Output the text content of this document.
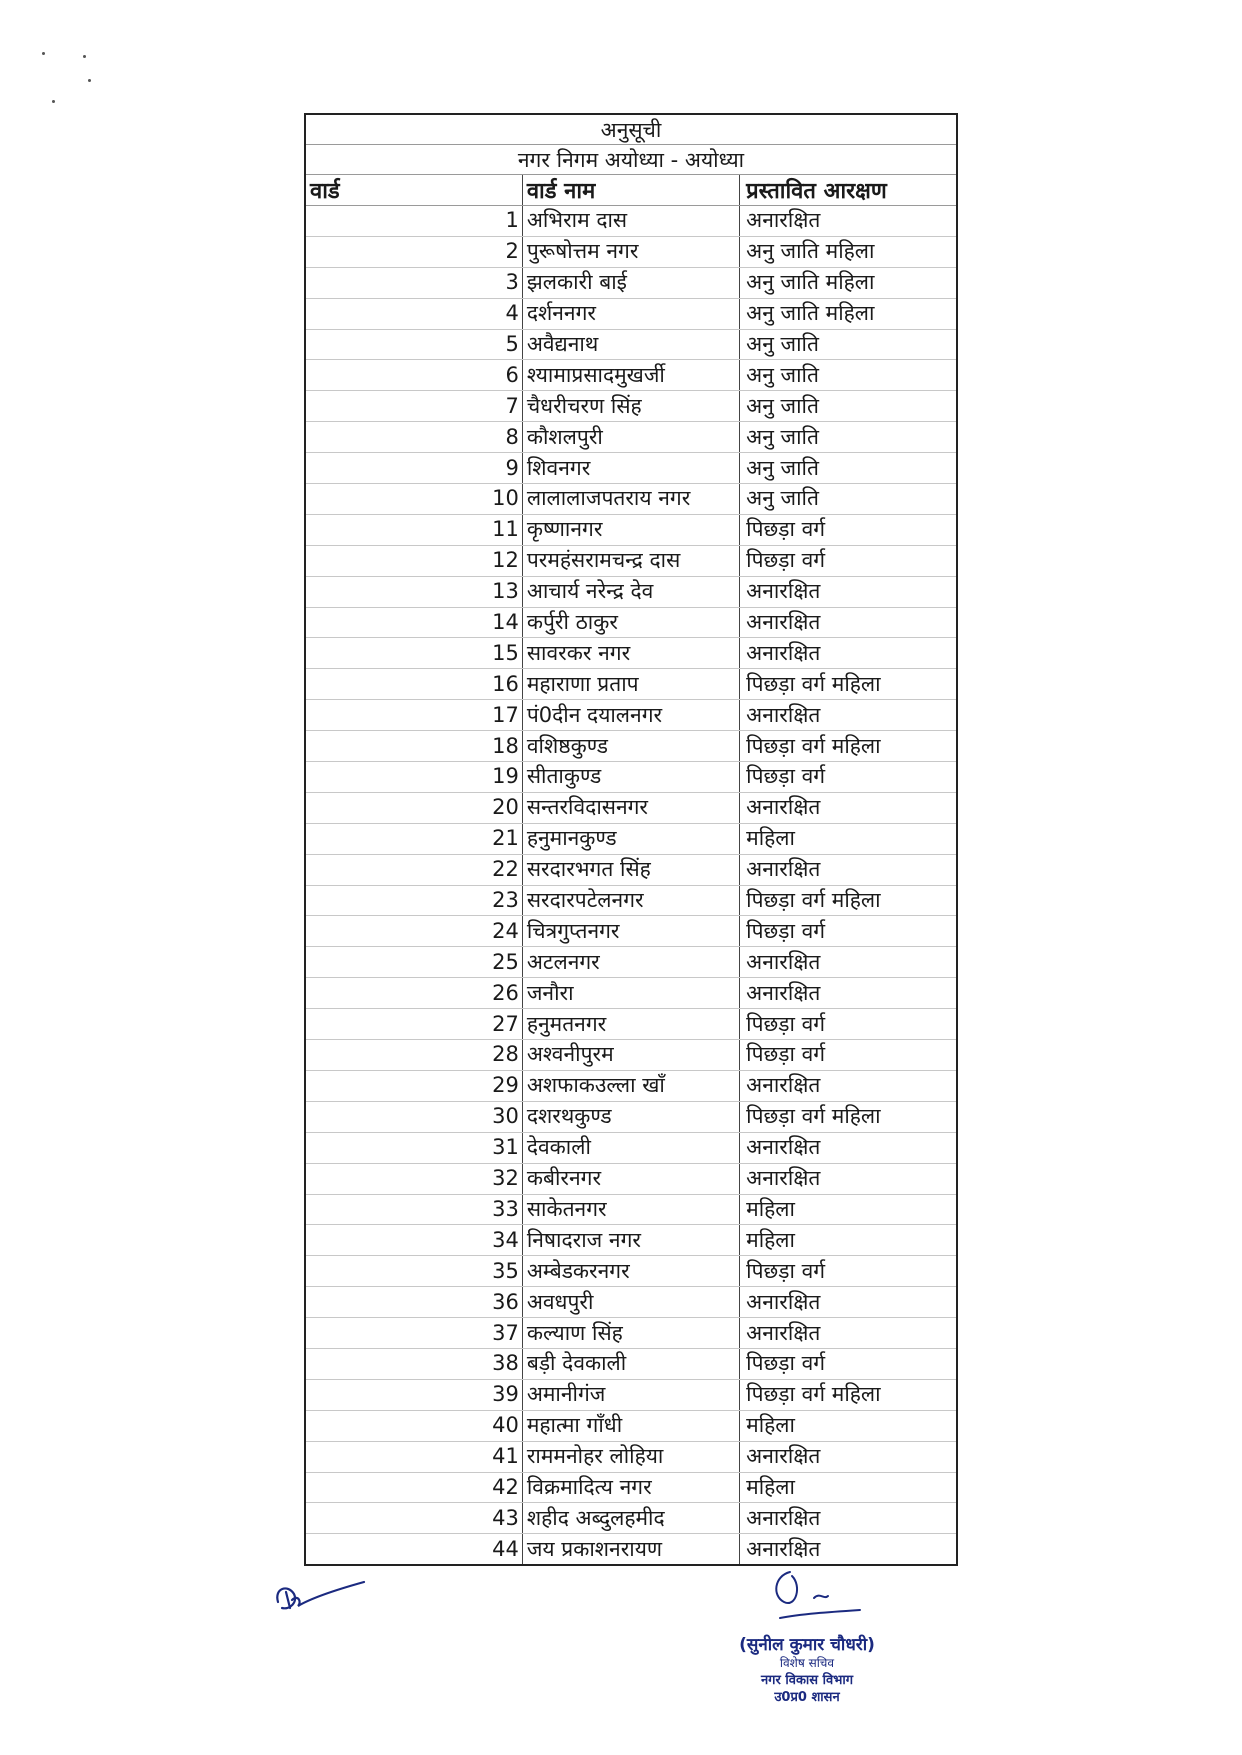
अनुसूची		
नगर निगम अयोध्या - अयोध्या		
वार्ड	वार्ड नाम	प्रस्तावित आरक्षण
1	अभिराम दास	अनारक्षित
2	पुरूषोत्तम नगर	अनु जाति महिला
3	झलकारी बाई	अनु जाति महिला
4	दर्शननगर	अनु जाति महिला
5	अवैद्यनाथ	अनु जाति
6	श्यामाप्रसादमुखर्जी	अनु जाति
7	चैधरीचरण सिंह	अनु जाति
8	कौशलपुरी	अनु जाति
9	शिवनगर	अनु जाति
10	लालालाजपतराय नगर	अनु जाति
11	कृष्णानगर	पिछड़ा वर्ग
12	परमहंसरामचन्द्र दास	पिछड़ा वर्ग
13	आचार्य नरेन्द्र देव	अनारक्षित
14	कर्पुरी ठाकुर	अनारक्षित
15	सावरकर नगर	अनारक्षित
16	महाराणा प्रताप	पिछड़ा वर्ग महिला
17	पं0दीन दयालनगर	अनारक्षित
18	वशिष्ठकुण्ड	पिछड़ा वर्ग महिला
19	सीताकुण्ड	पिछड़ा वर्ग
20	सन्तरविदासनगर	अनारक्षित
21	हनुमानकुण्ड	महिला
22	सरदारभगत सिंह	अनारक्षित
23	सरदारपटेलनगर	पिछड़ा वर्ग महिला
24	चित्रगुप्तनगर	पिछड़ा वर्ग
25	अटलनगर	अनारक्षित
26	जनौरा	अनारक्षित
27	हनुमतनगर	पिछड़ा वर्ग
28	अश्वनीपुरम	पिछड़ा वर्ग
29	अशफाकउल्ला खाँ	अनारक्षित
30	दशरथकुण्ड	पिछड़ा वर्ग महिला
31	देवकाली	अनारक्षित
32	कबीरनगर	अनारक्षित
33	साकेतनगर	महिला
34	निषादराज नगर	महिला
35	अम्बेडकरनगर	पिछड़ा वर्ग
36	अवधपुरी	अनारक्षित
37	कल्याण सिंह	अनारक्षित
38	बड़ी देवकाली	पिछड़ा वर्ग
39	अमानीगंज	पिछड़ा वर्ग महिला
40	महात्मा गाँधी	महिला
41	राममनोहर लोहिया	अनारक्षित
42	विक्रमादित्य नगर	महिला
43	शहीद अब्दुलहमीद	अनारक्षित
44	जय प्रकाशनरायण	अनारक्षित
(सुनील कुमार चौधरी)
विशेष सचिव
नगर विकास विभाग
उ0प्र0 शासन
